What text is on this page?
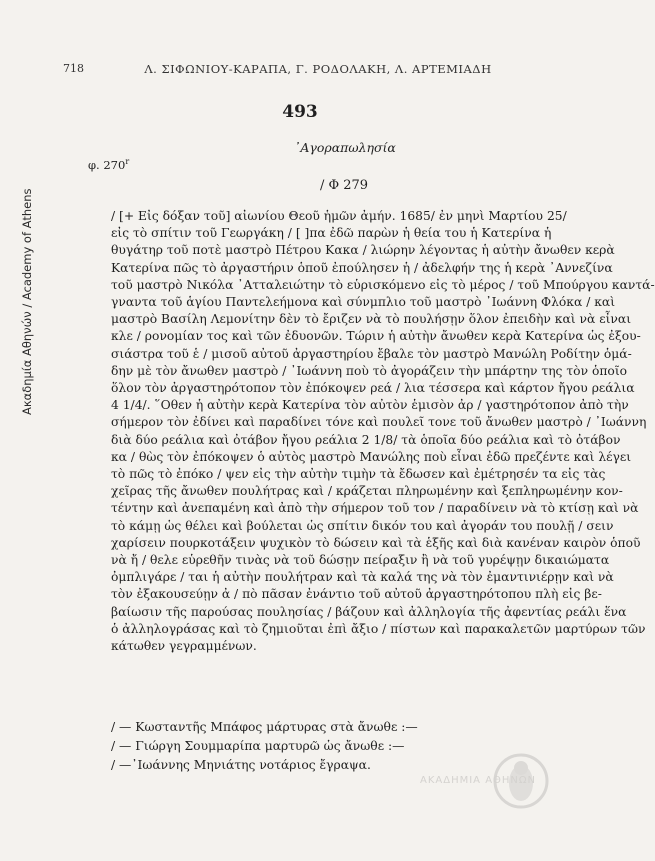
Ακαδημία Αθηνών / Academy of Athens
718	Λ. ΣΙΦΩΝΙΟΥ-ΚΑΡΑΠΑ, Γ. ΡΟΔΟΛΑΚΗ, Λ. ΑΡΤΕΜΙΑΔΗ
493
᾿Αγοραπωλησία
φ. 270$^r$
/ Φ 279
/ [+ Εἰς δόξαν τοῦ] αἰωνίου Θεοῦ ἡμῶν ἀμήν. 1685/ ἐν μηνὶ Μαρτίου 25/
εἰς τὸ σπίτιν τοῦ Γεωργάκη / [ ]πα ἐδῶ παρὼν ἡ θεία του ἡ Κατερίνα ἡ
θυγάτηρ τοῦ ποτὲ μαστρὸ Πέτρου Κακα / λιώρην λέγοντας ἡ αὐτὴν ἄνωθεν κερὰ
Κατερίνα πῶς τὸ ἀργαστήριν ὁποῦ ἐπούλησεν ἡ / ἀδελφήν της ἡ κερὰ ᾿Αννεζίνα
τοῦ μαστρὸ Νικόλα ᾿Ατταλειώτην τὸ εὑρισκόμενο εἰς τὸ μέρος / τοῦ Μπούργου καντά-
γναντα τοῦ ἁγίου Παντελεήμονα καὶ σύνμπλιο τοῦ μαστρὸ ᾿Ιωάννη Φλόκα / καὶ
μαστρὸ Βασίλη Λεμονίτην δὲν τὸ ἔριζεν νὰ τὸ πουλήσῃν ὅλον ἐπειδὴν καὶ νὰ εἶναι
κλε / ρονομίαν τος καὶ τῶν ἐδυονῶν. Τώριν ἡ αὐτὴν ἄνωθεν κερὰ Κατερίνα ὡς ἐξου-
σιάστρα τοῦ ἑ / μισοῦ αὐτοῦ ἀργαστηρίου ἔβαλε τὸν μαστρὸ Μανώλη Ροδίτην ὁμά-
δην μὲ τὸν ἄνωθεν μαστρὸ / ᾿Ιωάννη ποὺ τὸ ἀγοράζειν τὴν μπάρτην της τὸν ὁποῖο
ὅλον τὸν ἀργαστηρότοπον τὸν ἐπόκοψεν ρεά / λια τέσσερα καὶ κάρτον ἤγου ρεάλια
4 1/4/. ῞Οθεν ἡ αὐτὴν κερὰ Κατερίνα τὸν αὐτὸν ἑμισὸν ἀρ / γαστηρότοπον ἀπὸ τὴν
σήμερον τὸν ἐδίνει καὶ παραδίνει τόνε καὶ πουλεῖ τονε τοῦ ἄνωθεν μαστρὸ / ᾿Ιωάννη
διὰ δύο ρεάλια καὶ ὀτάβον ἤγου ρεάλια 2 1/8/ τὰ ὁποῖα δύο ρεάλια καὶ τὸ ὀτάβον
κα / θὼς τὸν ἐπόκοψεν ὁ αὐτὸς μαστρὸ Μανώλης ποὺ εἶναι ἐδῶ πρεζέντε καὶ λέγει
τὸ πῶς τὸ ἐπόκο / ψεν εἰς τὴν αὐτὴν τιμὴν τὰ ἔδωσεν καὶ ἐμέτρησέν τα εἰς τὰς
χεῖρας τῆς ἄνωθεν πουλήτρας καὶ / κράζεται πληρωμένην καὶ ξεπληρωμένην κον-
τέντην καὶ ἀνεπαμένη καὶ ἀπὸ τὴν σήμερον τοῦ τον / παραδίνειν νὰ τὸ κτίσῃ καὶ νὰ
τὸ κάμῃ ὡς θέλει καὶ βούλεται ὡς σπίτιν δικόν του καὶ ἀγοράν του πουλῇ / σειν
χαρίσειν πουρκοτάξειν ψυχικὸν τὸ δώσειν καὶ τὰ ἑξῆς καὶ διὰ κανέναν καιρὸν ὁποῦ
νὰ ἤ / θελε εὑρεθῆν τινὰς νὰ τοῦ δώσῃν πείραξιν ἢ νὰ τοῦ γυρέψῃν δικαιώματα
ὀμπλιγάρε / ται ἡ αὐτὴν πουλήτραν καὶ τὰ καλά της νὰ τὸν ἐμαντινιέρῃν καὶ νὰ
τὸν ἐξακουσεύῃν ἀ / πὸ πᾶσαν ἐνάντιο τοῦ αὐτοῦ ἀργαστηρότοπου πλὴ εἰς βε-
βαίωσιν τῆς παρούσας πουλησίας / βάζουν καὶ ἀλληλογία τῆς ἀφεντίας ρεάλι ἕνα
ὁ ἀλληλογράσας καὶ τὸ ζημιοῦται ἐπὶ ἄξιο / πίστων καὶ παρακαλετῶν μαρτύρων τῶν
κάτωθεν γεγραμμένων.
/ — Κωσταντῆς Μπάφος μάρτυρας στὰ ἄνωθε :—
/ — Γιώργη Σουμμαρίπα μαρτυρῶ ὡς ἄνωθε :—
/ —᾿Ιωάννης Μηνιάτης νοτάριος ἔγραψα.
ΑΚΑΔΗΜΙΑ ΑΘΗΝΩΝ
